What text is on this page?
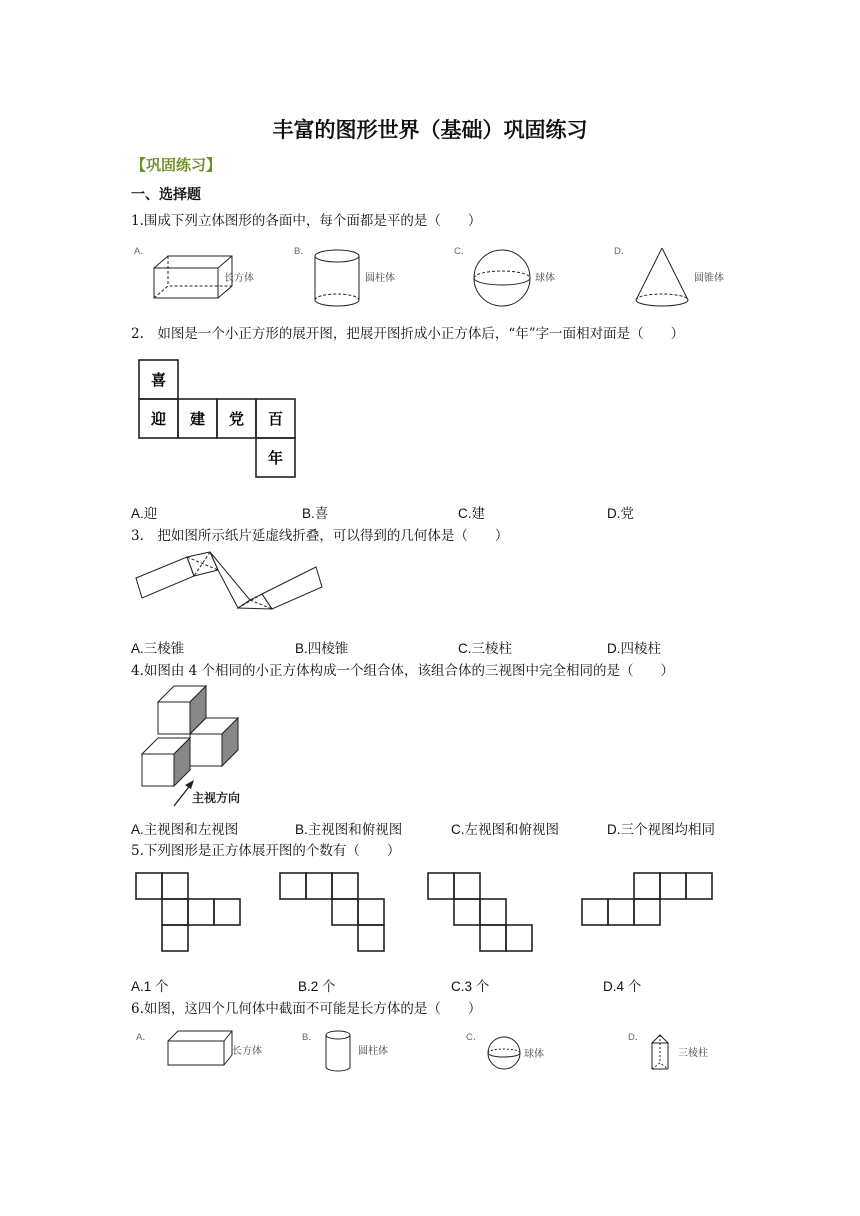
丰富的图形世界（基础）巩固练习
【巩固练习】
一、选择题
1.围成下列立体图形的各面中，每个面都是平的是（　　）
A．
长方体
B．
圆柱体
C．
球体
D．
圆锥体
2.　如图是一个小正方形的展开图，把展开图折成小正方体后，“年”字一面相对面是（　　）
喜
迎 建 党 百
年
A.迎	B.喜	C.建	D.党
3.　把如图所示纸片延虚线折叠，可以得到的几何体是（　　）
A.三棱锥	B.四棱锥	C.三棱柱	D.四棱柱
4.如图由 4 个相同的小正方体构成一个组合体，该组合体的三视图中完全相同的是（　　）
主视方向
A.主视图和左视图	B.主视图和俯视图	C.左视图和俯视图	D.三个视图均相同
5.下列图形是正方体展开图的个数有（　　）
A.1 个	B.2 个	C.3 个	D.4 个
6.如图，这四个几何体中截面不可能是长方体的是（　　）
A．
长方体
B．
圆柱体
C．
球体
D．
三棱柱
